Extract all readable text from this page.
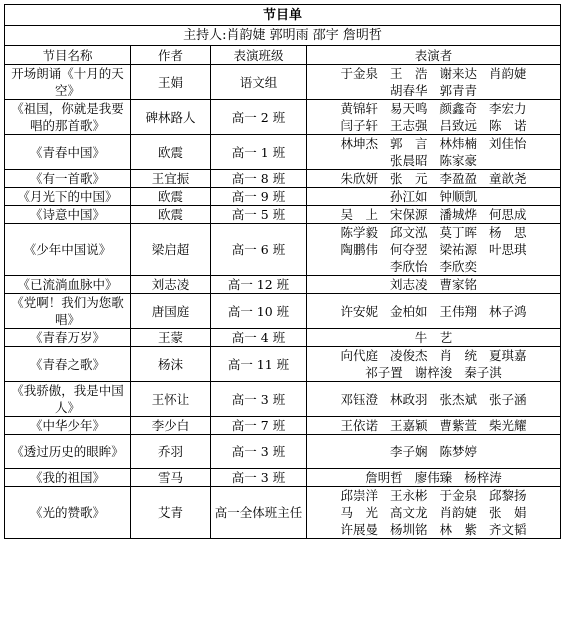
节目单			
主持人:肖韵婕 郭明雨 邵宇 詹明哲			
节目名称	作者	表演班级	表演者
开场朗诵《十月的天空》	王娟	语文组	于金泉 王　浩 谢来达 肖韵婕胡春华 郭青青
《祖国，你就是我要唱的那首歌》	碑林路人	高一 2 班	黄锦轩 易天鸣 颜鑫奇 李宏力闫子轩 王志强 吕致远 陈　诺
《青春中国》	欧震	高一 1 班	林坤杰 郭　言 林炜楠 刘佳怡张晨昭 陈家豪
《有一首歌》	王宜振	高一 8 班	朱欣妍 张　元 李盈盈 童歆尧
《月光下的中国》	欧震	高一 9 班	孙江如 钟顺凯
《诗意中国》	欧震	高一 5 班	吴　上 宋保源 潘城烨 何思成
《少年中国说》	梁启超	高一 6 班	陈学毅 邱文泓 莫丁晖 杨　思陶鹏伟 何夺翌 梁祐源 叶思琪李欣怡 李欣奕
《已流淌血脉中》	刘志凌	高一 12 班	刘志凌 曹家铭
《党啊！我们为您歌唱》	唐国庭	高一 10 班	许安妮 金柏如 王伟翔 林子鸿
《青春万岁》	王蒙	高一 4 班	牛　艺
《青春之歌》	杨沫	高一 11 班	向代庭 凌俊杰 肖　统 夏琪嘉祁子置 谢梓浚 秦子淇
《我骄傲，我是中国人》	王怀让	高一 3 班	邓钰澄 林政羽 张杰斌 张子涵
《中华少年》	李少白	高一 7 班	王依诺 王嘉颖 曹紫萱 柴光耀
《透过历史的眼眸》	乔羽	高一 3 班	李子娴 陈梦婷
《我的祖国》	雪马	高一 3 班	詹明哲 廖伟臻 杨梓涛
《光的赞歌》	艾青	高一全体班主任	邱崇洋 王永彬 于金泉 邱黎扬马　光 高文龙 肖韵婕 张　娟许展曼 杨圳铭 林　紫 齐文韬
